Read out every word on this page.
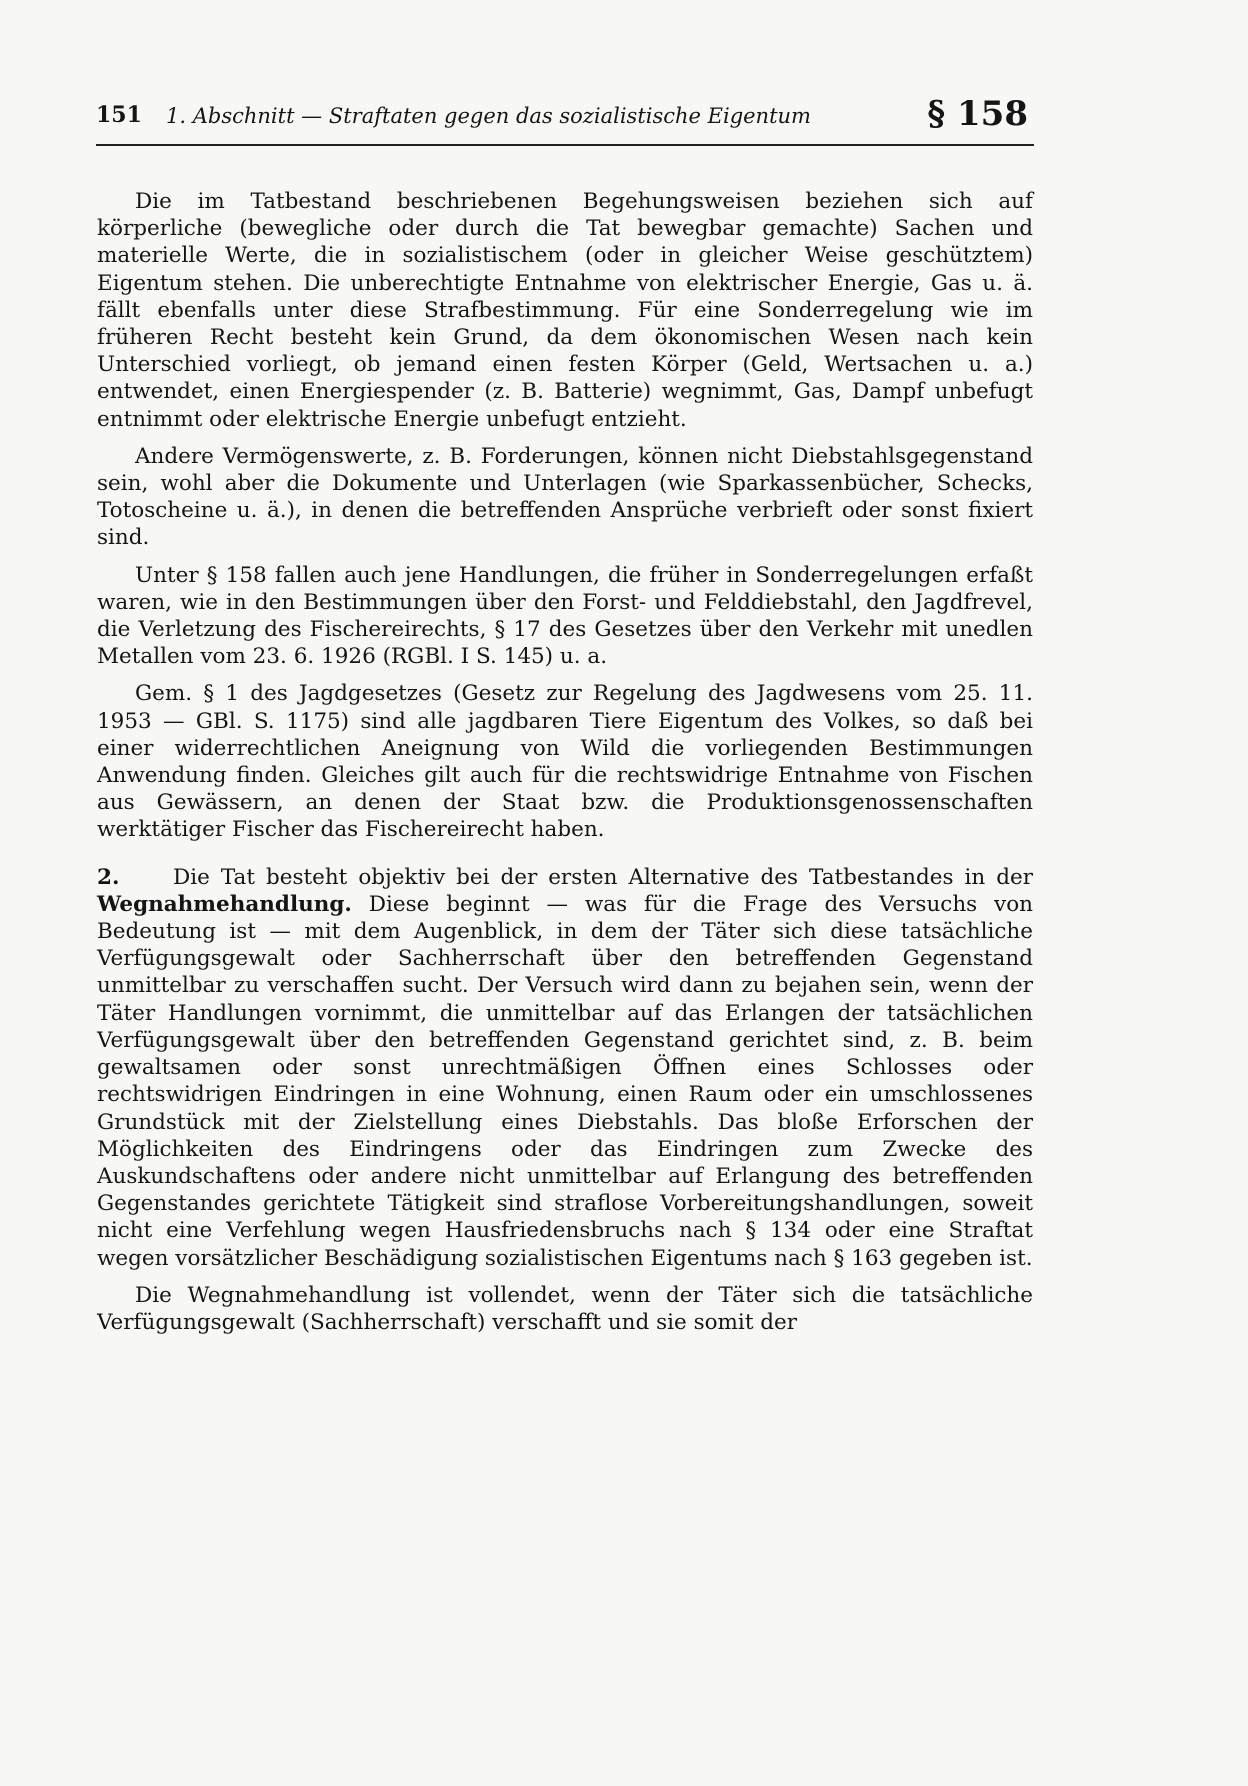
151 1. Abschnitt — Straftaten gegen das sozialistische Eigentum	§ 158

Die im Tatbestand beschriebenen Begehungsweisen beziehen sich auf körperliche (bewegliche oder durch die Tat bewegbar gemachte) Sachen und materielle Werte, die in sozialistischem (oder in gleicher Weise geschütztem) Eigentum stehen. Die unberechtigte Entnahme von elektrischer Energie, Gas u. ä. fällt ebenfalls unter diese Strafbestimmung. Für eine Sonderregelung wie im früheren Recht besteht kein Grund, da dem ökonomischen Wesen nach kein Unterschied vorliegt, ob jemand einen festen Körper (Geld, Wertsachen u. a.) entwendet, einen Energiespender (z. B. Batterie) wegnimmt, Gas, Dampf unbefugt entnimmt oder elektrische Energie unbefugt entzieht.

Andere Vermögenswerte, z. B. Forderungen, können nicht Diebstahlsgegenstand sein, wohl aber die Dokumente und Unterlagen (wie Sparkassenbücher, Schecks, Totoscheine u. ä.), in denen die betreffenden Ansprüche verbrieft oder sonst fixiert sind.

Unter § 158 fallen auch jene Handlungen, die früher in Sonderregelungen erfaßt waren, wie in den Bestimmungen über den Forst- und Felddiebstahl, den Jagdfrevel, die Verletzung des Fischereirechts, § 17 des Gesetzes über den Verkehr mit unedlen Metallen vom 23. 6. 1926 (RGBl. I S. 145) u. a.

Gem. § 1 des Jagdgesetzes (Gesetz zur Regelung des Jagdwesens vom 25. 11. 1953 — GBl. S. 1175) sind alle jagdbaren Tiere Eigentum des Volkes, so daß bei einer widerrechtlichen Aneignung von Wild die vorliegenden Bestimmungen Anwendung finden. Gleiches gilt auch für die rechtswidrige Entnahme von Fischen aus Gewässern, an denen der Staat bzw. die Produktionsgenossenschaften werktätiger Fischer das Fischereirecht haben.

2. Die Tat besteht objektiv bei der ersten Alternative des Tatbestandes in der Wegnahmehandlung. Diese beginnt — was für die Frage des Versuchs von Bedeutung ist — mit dem Augenblick, in dem der Täter sich diese tatsächliche Verfügungsgewalt oder Sachherrschaft über den betreffenden Gegenstand unmittelbar zu verschaffen sucht. Der Versuch wird dann zu bejahen sein, wenn der Täter Handlungen vornimmt, die unmittelbar auf das Erlangen der tatsächlichen Verfügungsgewalt über den betreffenden Gegenstand gerichtet sind, z. B. beim gewaltsamen oder sonst unrechtmäßigen Öffnen eines Schlosses oder rechtswidrigen Eindringen in eine Wohnung, einen Raum oder ein umschlossenes Grundstück mit der Zielstellung eines Diebstahls. Das bloße Erforschen der Möglichkeiten des Eindringens oder das Eindringen zum Zwecke des Auskundschaftens oder andere nicht unmittelbar auf Erlangung des betreffenden Gegenstandes gerichtete Tätigkeit sind straflose Vorbereitungshandlungen, soweit nicht eine Verfehlung wegen Hausfriedensbruchs nach § 134 oder eine Straftat wegen vorsätzlicher Beschädigung sozialistischen Eigentums nach § 163 gegeben ist.

Die Wegnahmehandlung ist vollendet, wenn der Täter sich die tatsächliche Verfügungsgewalt (Sachherrschaft) verschafft und sie somit der
